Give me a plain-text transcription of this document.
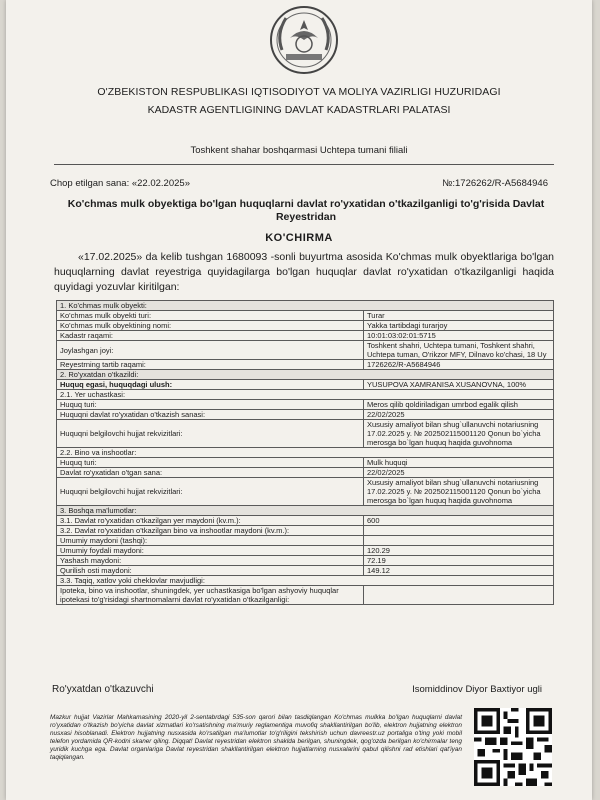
O'ZBEKISTON RESPUBLIKASI IQTISODIYOT VA MOLIYA VAZIRLIGI HUZURIDAGI
KADASTR AGENTLIGINING DAVLAT KADASTRLARI PALATASI
Toshkent shahar boshqarmasi Uchtepa tumani filiali
Chop etilgan sana: «22.02.2025»	№:1726262/R-A5684946
Ko'chmas mulk obyektiga bo'lgan huquqlarni davlat ro'yxatidan o'tkazilganligi to'g'risida Davlat Reyestridan
KO'CHIRMA
«17.02.2025» da kelib tushgan 1680093 -sonli buyurtma asosida Ko'chmas mulk obyektlariga bo'lgan huquqlarning davlat reyestriga quyidagilarga bo'lgan huquqlar davlat ro'yxatidan o'tkazilganligi haqida quyidagi yozuvlar kiritilgan:
1. Ko'chmas mulk obyekti:	
Ko'chmas mulk obyekti turi:	Turar
Ko'chmas mulk obyektining nomi:	Yakka tartibdagi turarjoy
Kadastr raqami:	10:01:03:02:01:5715
Joylashgan joyi:	Toshkent shahri, Uchtepa tumani, Toshkent shahri, Uchtepa tuman, O'rikzor MFY, Dilnavo ko'chasi, 18 Uy
Reyestrning tartib raqami:	1726262/R-A5684946
2. Ro'yxatdan o'tkazildi:	
Huquq egasi, huquqdagi ulush:	YUSUPOVA XAMRANISA XUSANOVNA, 100%
2.1. Yer uchastkasi:	
Huquq turi:	Meros qilib qoldiriladigan umrbod egalik qilish
Huquqni davlat ro'yxatidan o'tkazish sanasi:	22/02/2025
Huquqni belgilovchi hujjat rekvizitlari:	Xususiy amaliyot bilan shug`ullanuvchi notariusning 17.02.2025 y. № 202502115001120 Qonun bo`yicha merosga bo`lgan huquq haqida guvohnoma
2.2. Bino va inshootlar:	
Huquq turi:	Mulk huquqi
Davlat ro'yxatidan o'tgan sana:	22/02/2025
Huquqni belgilovchi hujjat rekvizitlari:	Xususiy amaliyot bilan shug`ullanuvchi notariusning 17.02.2025 y. № 202502115001120 Qonun bo`yicha merosga bo`lgan huquq haqida guvohnoma
3. Boshqa ma'lumotlar:	
3.1. Davlat ro'yxatidan o'tkazilgan yer maydoni (kv.m.):	600
3.2. Davlat ro'yxatidan o'tkazilgan bino va inshootlar maydoni (kv.m.):	
Umumiy maydoni (tashqi):	
Umumiy foydali maydoni:	120.29
Yashash maydoni:	72.19
Qurilish osti maydoni:	149.12
3.3. Taqiq, xatlov yoki cheklovlar mavjudligi:	
Ipoteka, bino va inshootlar, shuningdek, yer uchastkasiga bo'lgan ashyoviy huquqlar ipotekasi to'g'risidagi shartnomalarni davlat ro'yxatidan o'tkazilganligi:	
Ro'yxatdan o'tkazuvchi	Isomiddinov Diyor Baxtiyor ugli
Mazkur hujjat Vazirlar Mahkamasining 2020-yil 2-sentabrdagi 535-son qarori bilan tasdiqlangan Ko'chmas mulkka bo'lgan huquqlarni davlat ro'yxatidan o'tkazish bo'yicha davlat xizmatlari ko'rsatishning ma'muriy reglamentiga muvofiq shakllantirilgan bo'lib, elektron hujjatning elektron nusxasi hisoblanadi. Elektron hujjatning nusxasida ko'rsatilgan ma'lumotlar to'g'riligini tekshirish uchun davreestr.uz portaliga o'ting yoki mobil telefon yordamida QR-kodni skaner qiling. Diqqat! Davlat reyestridan elektron shaklda berilgan, shuningdek, qog'ozda berilgan ko'chirmalar teng yuridik kuchga ega. Davlat organlariga Davlat reyestridan shakllantirilgan elektron hujjatlarning nusxalarini qabul qilishni rad etishlari qat'iyan taqiqlangan.
